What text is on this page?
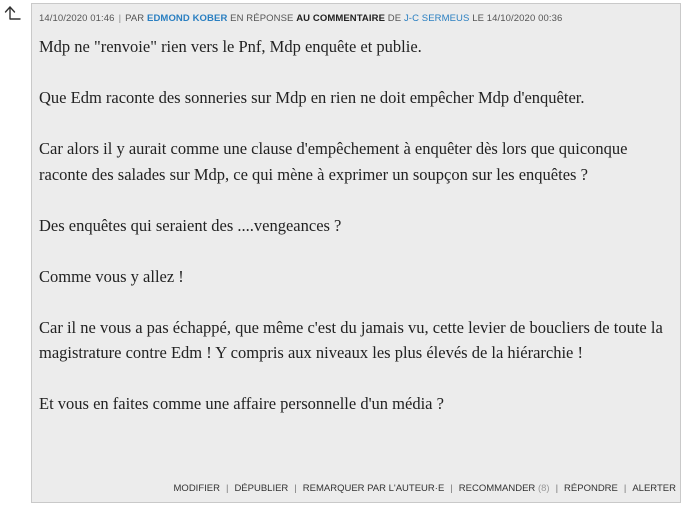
14/10/2020 01:46 | PAR EDMOND KOBER EN RÉPONSE AU COMMENTAIRE DE J-C SERMEUS LE 14/10/2020 00:36

Mdp ne "renvoie" rien vers le Pnf, Mdp enquête et publie.

Que Edm raconte des sonneries sur Mdp en rien ne doit empêcher Mdp d'enquêter.

Car alors il y aurait comme une clause d'empêchement à enquêter dès lors que quiconque raconte des salades sur Mdp, ce qui mène à exprimer un soupçon sur les enquêtes ?

Des enquêtes qui seraient des ....vengeances ?

Comme vous y allez !

Car il ne vous a pas échappé, que même c'est du jamais vu, cette levier de boucliers de toute la magistrature contre Edm ! Y compris aux niveaux les plus élevés de la hiérarchie !

Et vous en faites comme une affaire personnelle d'un média ?

MODIFIER | DÉPUBLIER | REMARQUER PAR L'AUTEUR·E | RECOMMANDER (8) | RÉPONDRE | ALERTER
